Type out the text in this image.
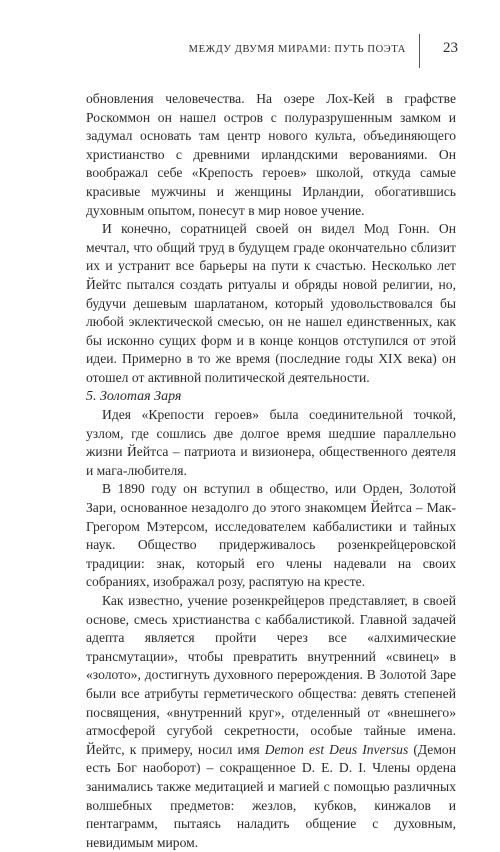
МЕЖДУ ДВУМЯ МИРАМИ: ПУТЬ ПОЭТА 23

обновления человечества. На озере Лох-Кей в графстве Роскоммон он нашел остров с полуразрушенным замком и задумал основать там центр нового культа, объединяющего христианство с древними ирландскими верованиями. Он воображал себе «Крепость героев» школой, откуда самые красивые мужчины и женщины Ирландии, обогатившись духовным опытом, понесут в мир новое учение.

И конечно, соратницей своей он видел Мод Гонн. Он мечтал, что общий труд в будущем граде окончательно сблизит их и устранит все барьеры на пути к счастью. Несколько лет Йейтс пытался создать ритуалы и обряды новой религии, но, будучи дешевым шарлатаном, который удовольствовался бы любой эклектической смесью, он не нашел единственных, как бы исконно сущих форм и в конце концов отступился от этой идеи. Примерно в то же время (последние годы XIX века) он отошел от активной политической деятельности.

5. Золотая Заря

Идея «Крепости героев» была соединительной точкой, узлом, где сошлись две долгое время шедшие параллельно жизни Йейтса – патриота и визионера, общественного деятеля и мага-любителя.

В 1890 году он вступил в общество, или Орден, Золотой Зари, основанное незадолго до этого знакомцем Йейтса – Мак-Грегором Мэтерсом, исследователем каббалистики и тайных наук. Общество придерживалось розенкрейцеровской традиции: знак, который его члены надевали на своих собраниях, изображал розу, распятую на кресте.

Как известно, учение розенкрейцеров представляет, в своей основе, смесь христианства с каббалистикой. Главной задачей адепта является пройти через все «алхимические трансмутации», чтобы превратить внутренний «свинец» в «золото», достигнуть духовного перерождения. В Золотой Заре были все атрибуты герметического общества: девять степеней посвящения, «внутренний круг», отделенный от «внешнего» атмосферой сугубой секретности, особые тайные имена. Йейтс, к примеру, носил имя Demon est Deus Inversus (Демон есть Бог наоборот) – сокращенное D. E. D. I. Члены ордена занимались также медитацией и магией с помощью различных волшебных предметов: жезлов, кубков, кинжалов и пентаграмм, пытаясь наладить общение с духовным, невидимым миром.
